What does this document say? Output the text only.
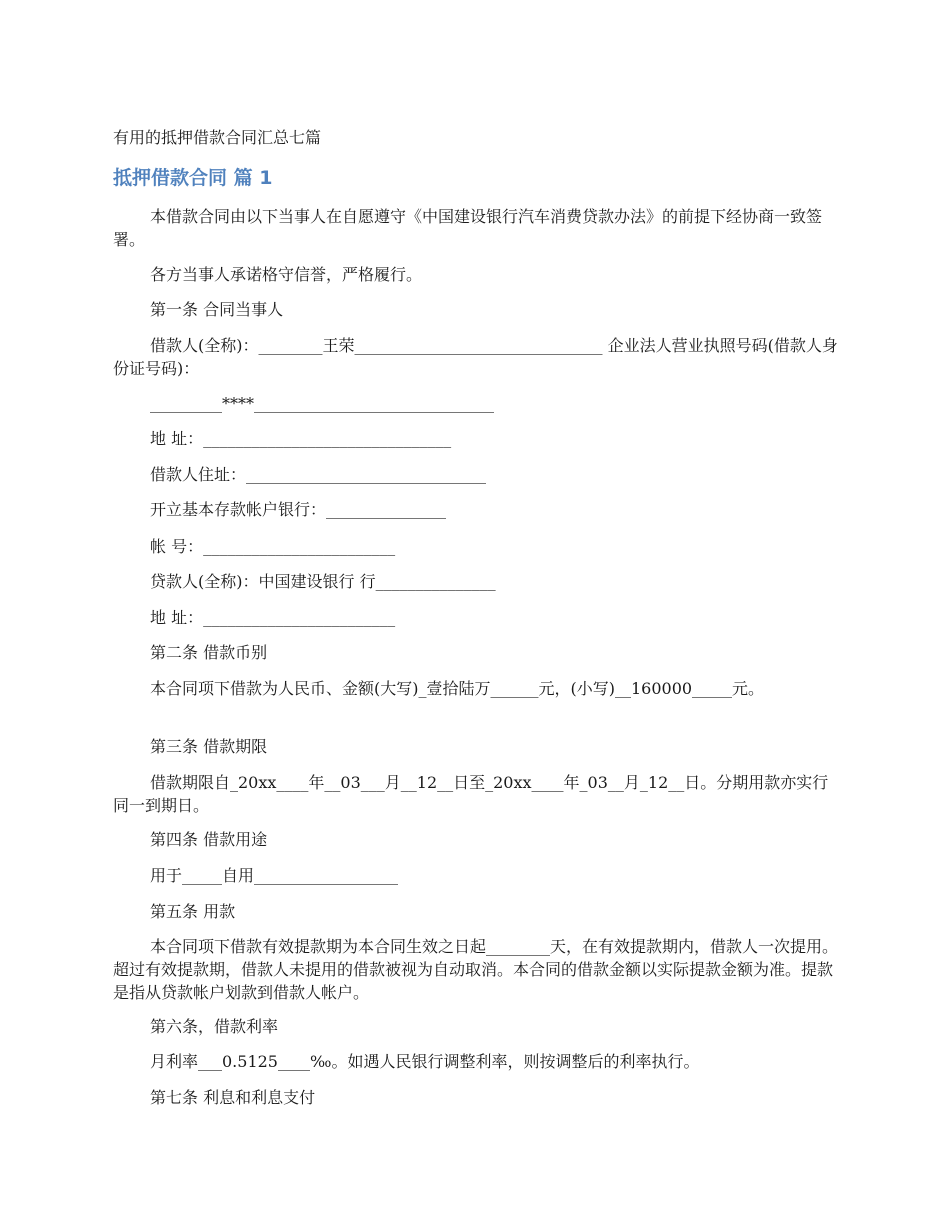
有用的抵押借款合同汇总七篇
抵押借款合同 篇 1

本借款合同由以下当事人在自愿遵守《中国建设银行汽车消费贷款办法》的前提下经协商一致签署。

各方当事人承诺格守信誉，严格履行。

第一条 合同当事人

借款人(全称)：________王荣_______________________________ 企业法人营业执照号码(借款人身份证号码)：

_________****______________________________

地 址：_______________________________

借款人住址：______________________________

开立基本存款帐户银行：_______________

帐 号：________________________

贷款人(全称)：中国建设银行 行_______________

地 址：________________________

第二条 借款币别

本合同项下借款为人民币、金额(大写)_壹拾陆万______元，(小写)__160000_____元。

第三条 借款期限

借款期限自_20xx____年__03___月__12__日至_20xx____年_03__月_12__日。分期用款亦实行同一到期日。

第四条 借款用途

用于_____自用__________________

第五条 用款

本合同项下借款有效提款期为本合同生效之日起________天，在有效提款期内，借款人一次提用。超过有效提款期，借款人未提用的借款被视为自动取消。本合同的借款金额以实际提款金额为准。提款是指从贷款帐户划款到借款人帐户。

第六条，借款利率

月利率___0.5125____‰。如遇人民银行调整利率，则按调整后的利率执行。

第七条 利息和利息支付
